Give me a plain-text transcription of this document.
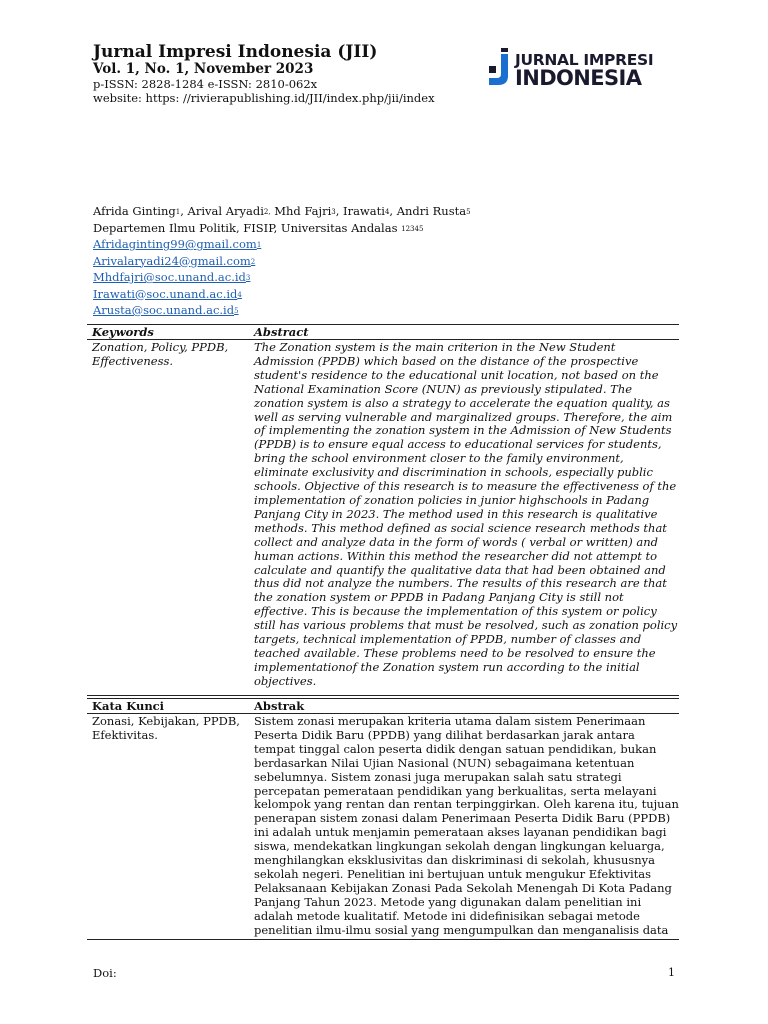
Jurnal Impresi Indonesia (JII)

Vol. 1, No. 1, November 2023

p-ISSN: 2828-1284 e-ISSN: 2810-062x

website: https: //rivierapublishing.id/JII/index.php/jii/index

JURNAL IMPRESI
INDONESIA

Afrida Ginting$^1$, Arival Aryadi$^{2,}$ Mhd Fajri$^3$, Irawati$^4$, Andri Rusta$^5$

Departemen Ilmu Politik, FISIP, Universitas Andalas $^{12345}$

Afridaginting99@gmail.com$^1$

Arivalaryadi24@gmail.com$^2$

$Mhdfajri@soc.unand.ac.id^3$

$Irawati@soc.unand.ac.id^4$

$Arusta@soc.unand.ac.id^5$

Keywords	Abstract
Zonation, Policy, PPDB, Effectiveness.	The Zonation system is the main criterion in the New Student Admission (PPDB) which based on the distance of the prospective student's residence to the educational unit location, not based on the National Examination Score (NUN) as previously stipulated. The zonation system is also a strategy to accelerate the equation quality, as well as serving vulnerable and marginalized groups. Therefore, the aim of implementing the zonation system in the Admission of New Students (PPDB) is to ensure equal access to educational services for students, bring the school environment closer to the family environment, eliminate exclusivity and discrimination in schools, especially public schools. Objective of this research is to measure the effectiveness of the implementation of zonation policies in junior highschools in Padang Panjang City in 2023. The method used in this research is qualitative methods. This method defined as social science research methods that collect and analyze data in the form of words ( verbal or written) and human actions. Within this method the researcher did not attempt to calculate and quantify the qualitative data that had been obtained and thus did not analyze the numbers. The results of this research are that the zonation system or PPDB in Padang Panjang City is still not effective. This is because the implementation of this system or policy still has various problems that must be resolved, such as zonation policy targets, technical implementation of PPDB, number of classes and teached available. These problems need to be resolved to ensure the implementationof the Zonation system run according to the initial objectives.
Kata Kunci	Abstrak
Zonasi, Kebijakan, PPDB, Efektivitas.	Sistem zonasi merupakan kriteria utama dalam sistem Penerimaan Peserta Didik Baru (PPDB) yang dilihat berdasarkan jarak antara tempat tinggal calon peserta didik dengan satuan pendidikan, bukan berdasarkan Nilai Ujian Nasional (NUN) sebagaimana ketentuan sebelumnya. Sistem zonasi juga merupakan salah satu strategi percepatan pemerataan pendidikan yang berkualitas, serta melayani kelompok yang rentan dan rentan terpinggirkan. Oleh karena itu, tujuan penerapan sistem zonasi dalam Penerimaan Peserta Didik Baru (PPDB) ini adalah untuk menjamin pemerataan akses layanan pendidikan bagi siswa, mendekatkan lingkungan sekolah dengan lingkungan keluarga, menghilangkan eksklusivitas dan diskriminasi di sekolah, khususnya sekolah negeri. Penelitian ini bertujuan untuk mengukur Efektivitas Pelaksanaan Kebijakan Zonasi Pada Sekolah Menengah Di Kota Padang Panjang Tahun 2023. Metode yang digunakan dalam penelitian ini adalah metode kualitatif. Metode ini didefinisikan sebagai metode penelitian ilmu-ilmu sosial yang mengumpulkan dan menganalisis data
Doi:	1
